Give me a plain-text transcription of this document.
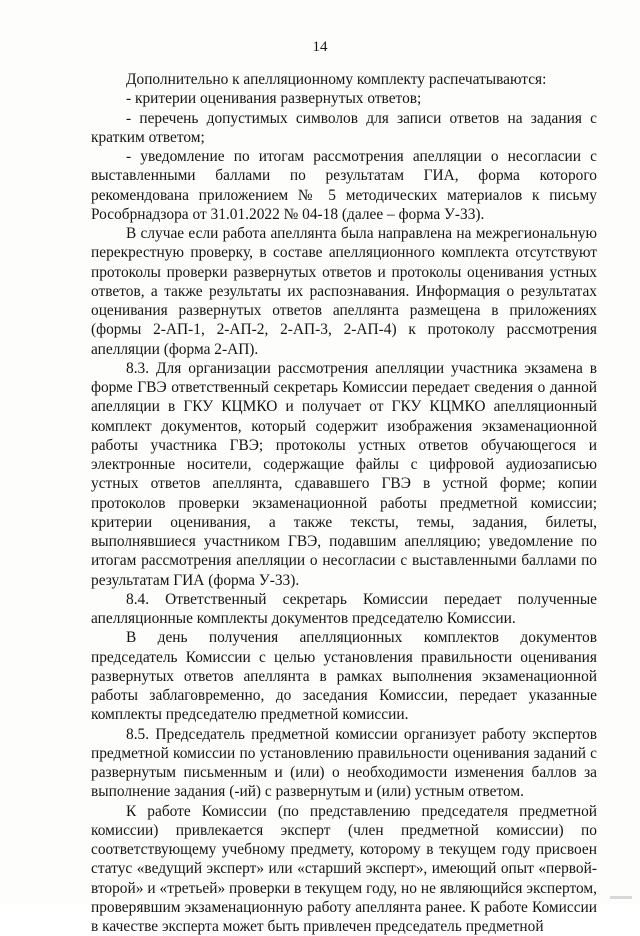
14

Дополнительно к апелляционному комплекту распечатываются:

- критерии оценивания развернутых ответов;

- перечень допустимых символов для записи ответов на задания с кратким ответом;

- уведомление по итогам рассмотрения апелляции о несогласии с выставленными баллами по результатам ГИА, форма которого рекомендована приложением № 5 методических материалов к письму Рособрнадзора от 31.01.2022 № 04-18 (далее – форма У-33).

В случае если работа апеллянта была направлена на межрегиональную перекрестную проверку, в составе апелляционного комплекта отсутствуют протоколы проверки развернутых ответов и протоколы оценивания устных ответов, а также результаты их распознавания. Информация о результатах оценивания развернутых ответов апеллянта размещена в приложениях (формы 2-АП-1, 2-АП-2, 2-АП-3, 2-АП-4) к протоколу рассмотрения апелляции (форма 2-АП).

8.3. Для организации рассмотрения апелляции участника экзамена в форме ГВЭ ответственный секретарь Комиссии передает сведения о данной апелляции в ГКУ КЦМКО и получает от ГКУ КЦМКО апелляционный комплект документов, который содержит изображения экзаменационной работы участника ГВЭ; протоколы устных ответов обучающегося и электронные носители, содержащие файлы с цифровой аудиозаписью устных ответов апеллянта, сдававшего ГВЭ в устной форме; копии протоколов проверки экзаменационной работы предметной комиссии; критерии оценивания, а также тексты, темы, задания, билеты, выполнявшиеся участником ГВЭ, подавшим апелляцию; уведомление по итогам рассмотрения апелляции о несогласии с выставленными баллами по результатам ГИА (форма У-33).

8.4. Ответственный секретарь Комиссии передает полученные апелляционные комплекты документов председателю Комиссии.

В день получения апелляционных комплектов документов председатель Комиссии с целью установления правильности оценивания развернутых ответов апеллянта в рамках выполнения экзаменационной работы заблаговременно, до заседания Комиссии, передает указанные комплекты председателю предметной комиссии.

8.5. Председатель предметной комиссии организует работу экспертов предметной комиссии по установлению правильности оценивания заданий с развернутым письменным и (или) о необходимости изменения баллов за выполнение задания (-ий) с развернутым и (или) устным ответом.

К работе Комиссии (по представлению председателя предметной комиссии) привлекается эксперт (член предметной комиссии) по соответствующему учебному предмету, которому в текущем году присвоен статус «ведущий эксперт» или «старший эксперт», имеющий опыт «первой-второй» и «третьей» проверки в текущем году, но не являющийся экспертом, проверявшим экзаменационную работу апеллянта ранее. К работе Комиссии в качестве эксперта может быть привлечен председатель предметной
